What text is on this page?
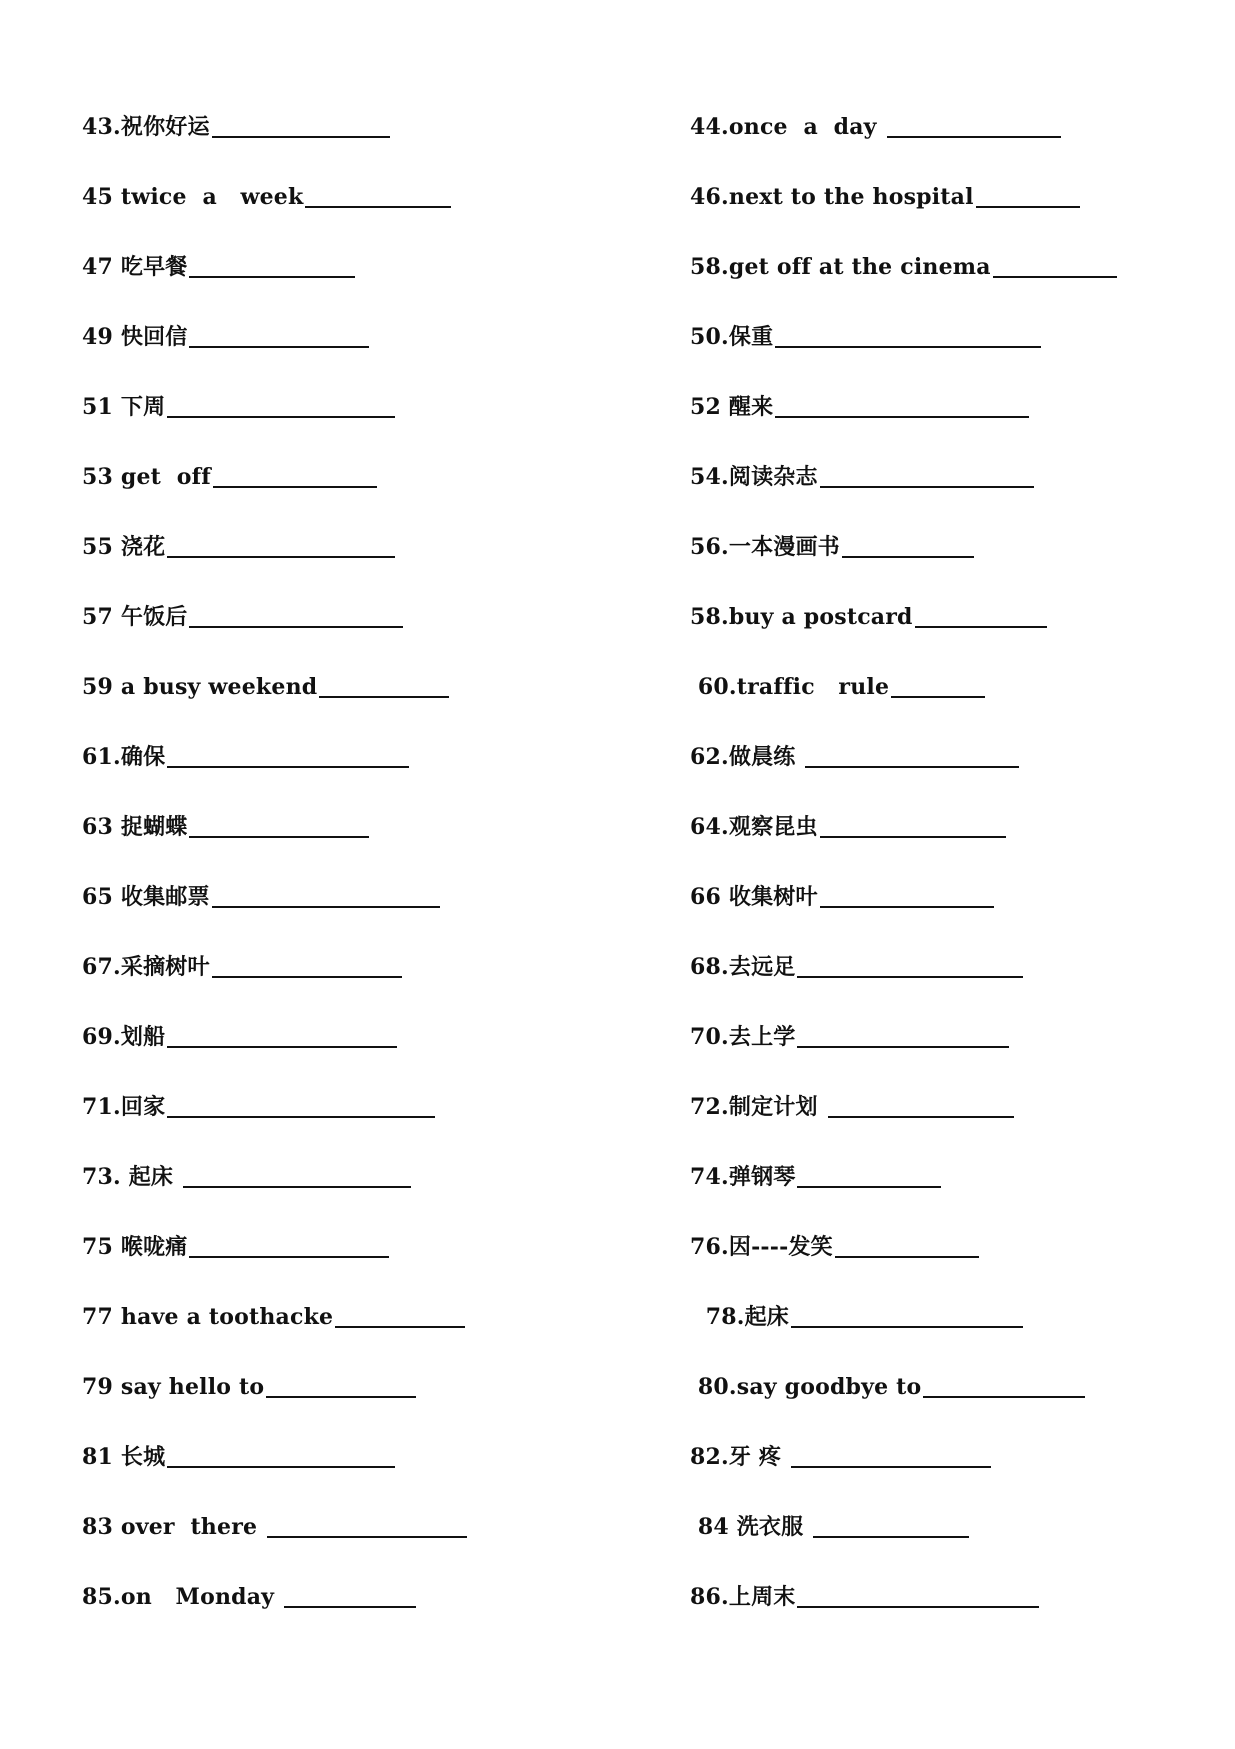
43.祝你好运
45 twice  a   week
47 吃早餐
49 快回信
51 下周
53 get  off
55 浇花
57 午饭后
59 a busy weekend
61.确保
63 捉蝴蝶
65 收集邮票
67.采摘树叶
69.划船
71.回家
73. 起床
75 喉咙痛
77 have a toothacke
79 say hello to
81 长城
83 over  there
85.on   Monday
44.once  a  day
46.next to the hospital
58.get off at the cinema
50.保重
52 醒来
54.阅读杂志
56.一本漫画书
58.buy a postcard
60.traffic   rule
62.做晨练
64.观察昆虫
66 收集树叶
68.去远足
70.去上学
72.制定计划
74.弹钢琴
76.因----发笑
78.起床
80.say goodbye to
82.牙 疼
84 洗衣服
86.上周末
